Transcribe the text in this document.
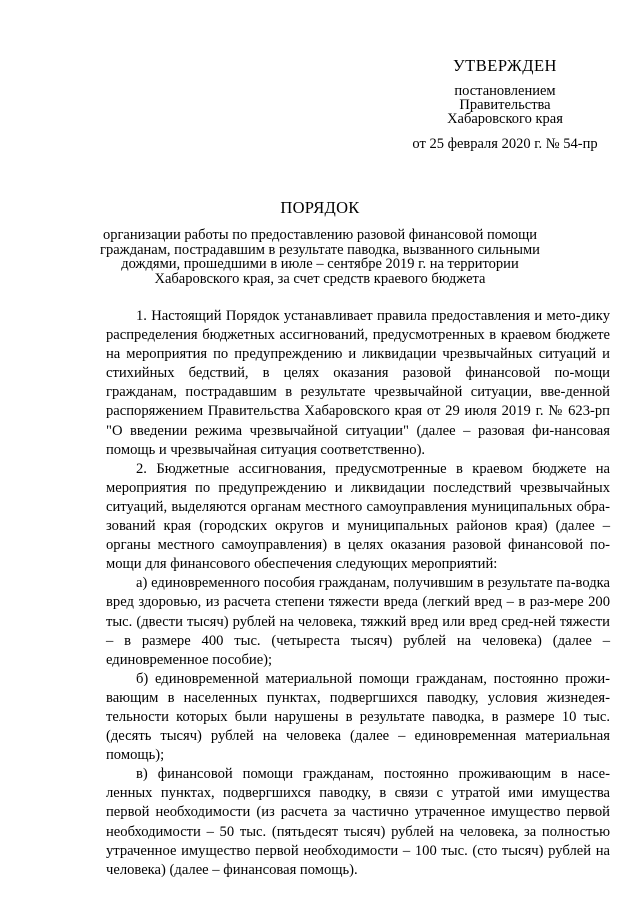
УТВЕРЖДЕН
постановлением
Правительства
Хабаровского края
от 25 февраля 2020 г. № 54-пр
ПОРЯДОК
организации работы по предоставлению разовой финансовой помощи
гражданам, пострадавшим в результате паводка, вызванного сильными
дождями, прошедшими в июле – сентябре 2019 г. на территории
Хабаровского края, за счет средств краевого бюджета

1. Настоящий Порядок устанавливает правила предоставления и мето-дику распределения бюджетных ассигнований, предусмотренных в краевом бюджете на мероприятия по предупреждению и ликвидации чрезвычайных ситуаций и стихийных бедствий, в целях оказания разовой финансовой по-мощи гражданам, пострадавшим в результате чрезвычайной ситуации, вве-денной распоряжением Правительства Хабаровского края от 29 июля 2019 г. № 623-рп "О введении режима чрезвычайной ситуации" (далее – разовая фи-нансовая помощь и чрезвычайная ситуация соответственно).

2. Бюджетные ассигнования, предусмотренные в краевом бюджете на мероприятия по предупреждению и ликвидации последствий чрезвычайных ситуаций, выделяются органам местного самоуправления муниципальных обра-зований края (городских округов и муниципальных районов края) (далее – органы местного самоуправления) в целях оказания разовой финансовой по-мощи для финансового обеспечения следующих мероприятий:

а) единовременного пособия гражданам, получившим в результате па-водка вред здоровью, из расчета степени тяжести вреда (легкий вред – в раз-мере 200 тыс. (двести тысяч) рублей на человека, тяжкий вред или вред сред-ней тяжести – в размере 400 тыс. (четыреста тысяч) рублей на человека) (далее – единовременное пособие);

б) единовременной материальной помощи гражданам, постоянно прожи-вающим в населенных пунктах, подвергшихся паводку, условия жизнедея-тельности которых были нарушены в результате паводка, в размере 10 тыс. (десять тысяч) рублей на человека (далее – единовременная материальная помощь);

в) финансовой помощи гражданам, постоянно проживающим в насе-ленных пунктах, подвергшихся паводку, в связи с утратой ими имущества первой необходимости (из расчета за частично утраченное имущество первой необходимости – 50 тыс. (пятьдесят тысяч) рублей на человека, за полностью утраченное имущество первой необходимости – 100 тыс. (сто тысяч) рублей на человека) (далее – финансовая помощь).
